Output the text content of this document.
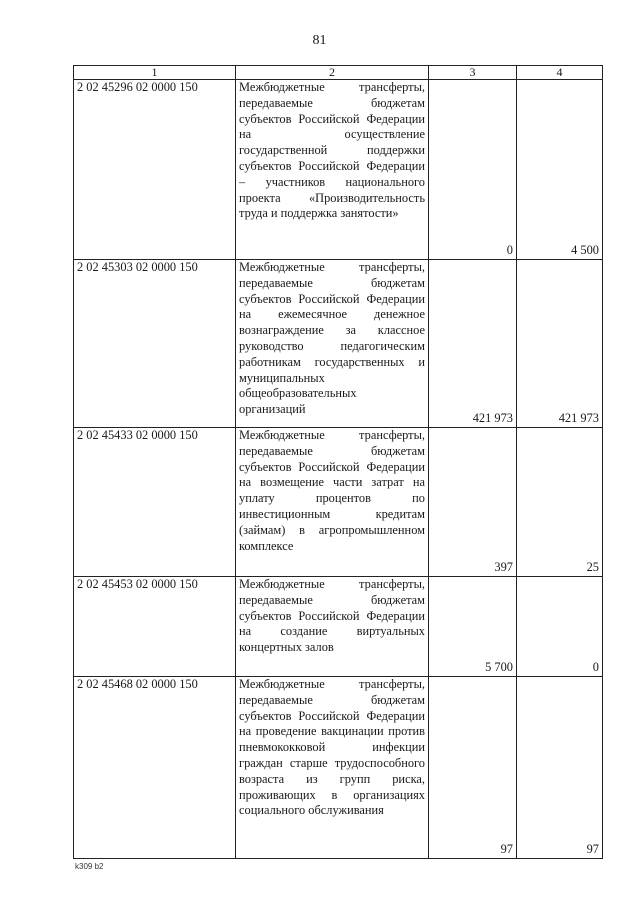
81
1	2	3	4
2 02 45296 02 0000 150	Межбюджетные трансферты, передаваемые бюджетам субъектов Российской Федерации на осуществление государственной поддержки субъектов Российской Федерации – участников национального проекта «Производительность труда и поддержка занятости»	0	4 500
2 02 45303 02 0000 150	Межбюджетные трансферты, передаваемые бюджетам субъектов Российской Федерации на ежемесячное денежное вознаграждение за классное руководство педагогическим работникам государственных и муниципальных общеобразовательных организаций	421 973	421 973
2 02 45433 02 0000 150	Межбюджетные трансферты, передаваемые бюджетам субъектов Российской Федерации на возмещение части затрат на уплату процентов по инвестиционным кредитам (займам) в агропромышленном комплексе	397	25
2 02 45453 02 0000 150	Межбюджетные трансферты, передаваемые бюджетам субъектов Российской Федерации на создание виртуальных концертных залов	5 700	0
2 02 45468 02 0000 150	Межбюджетные трансферты, передаваемые бюджетам субъектов Российской Федерации на проведение вакцинации против пневмококковой инфекции граждан старше трудоспособного возраста из групп риска, проживающих в организациях социального обслуживания	97	97
k309 b2
